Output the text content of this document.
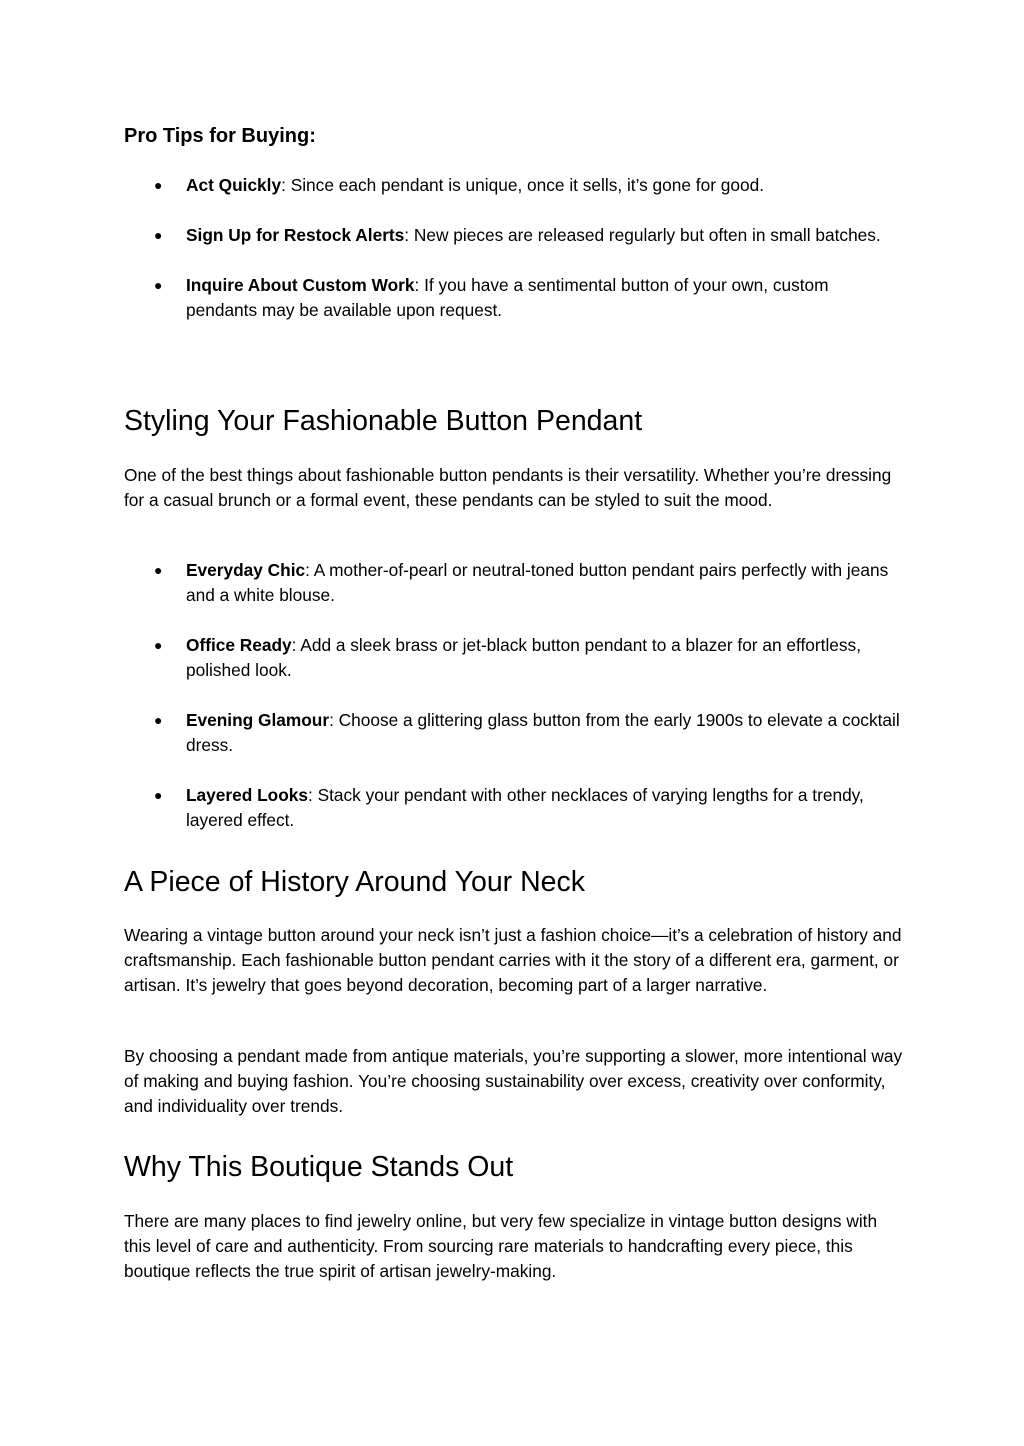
Pro Tips for Buying:
● Act Quickly: Since each pendant is unique, once it sells, it’s gone for good.
● Sign Up for Restock Alerts: New pieces are released regularly but often in small batches.
● Inquire About Custom Work: If you have a sentimental button of your own, custom pendants may be available upon request.
Styling Your Fashionable Button Pendant

One of the best things about fashionable button pendants is their versatility. Whether you’re dressing for a casual brunch or a formal event, these pendants can be styled to suit the mood.

● Everyday Chic: A mother-of-pearl or neutral-toned button pendant pairs perfectly with jeans and a white blouse.
● Office Ready: Add a sleek brass or jet-black button pendant to a blazer for an effortless, polished look.
● Evening Glamour: Choose a glittering glass button from the early 1900s to elevate a cocktail dress.
● Layered Looks: Stack your pendant with other necklaces of varying lengths for a trendy, layered effect.
A Piece of History Around Your Neck

Wearing a vintage button around your neck isn’t just a fashion choice—it’s a celebration of history and craftsmanship. Each fashionable button pendant carries with it the story of a different era, garment, or artisan. It’s jewelry that goes beyond decoration, becoming part of a larger narrative.

By choosing a pendant made from antique materials, you’re supporting a slower, more intentional way of making and buying fashion. You’re choosing sustainability over excess, creativity over conformity, and individuality over trends.

Why This Boutique Stands Out

There are many places to find jewelry online, but very few specialize in vintage button designs with this level of care and authenticity. From sourcing rare materials to handcrafting every piece, this boutique reflects the true spirit of artisan jewelry-making.
